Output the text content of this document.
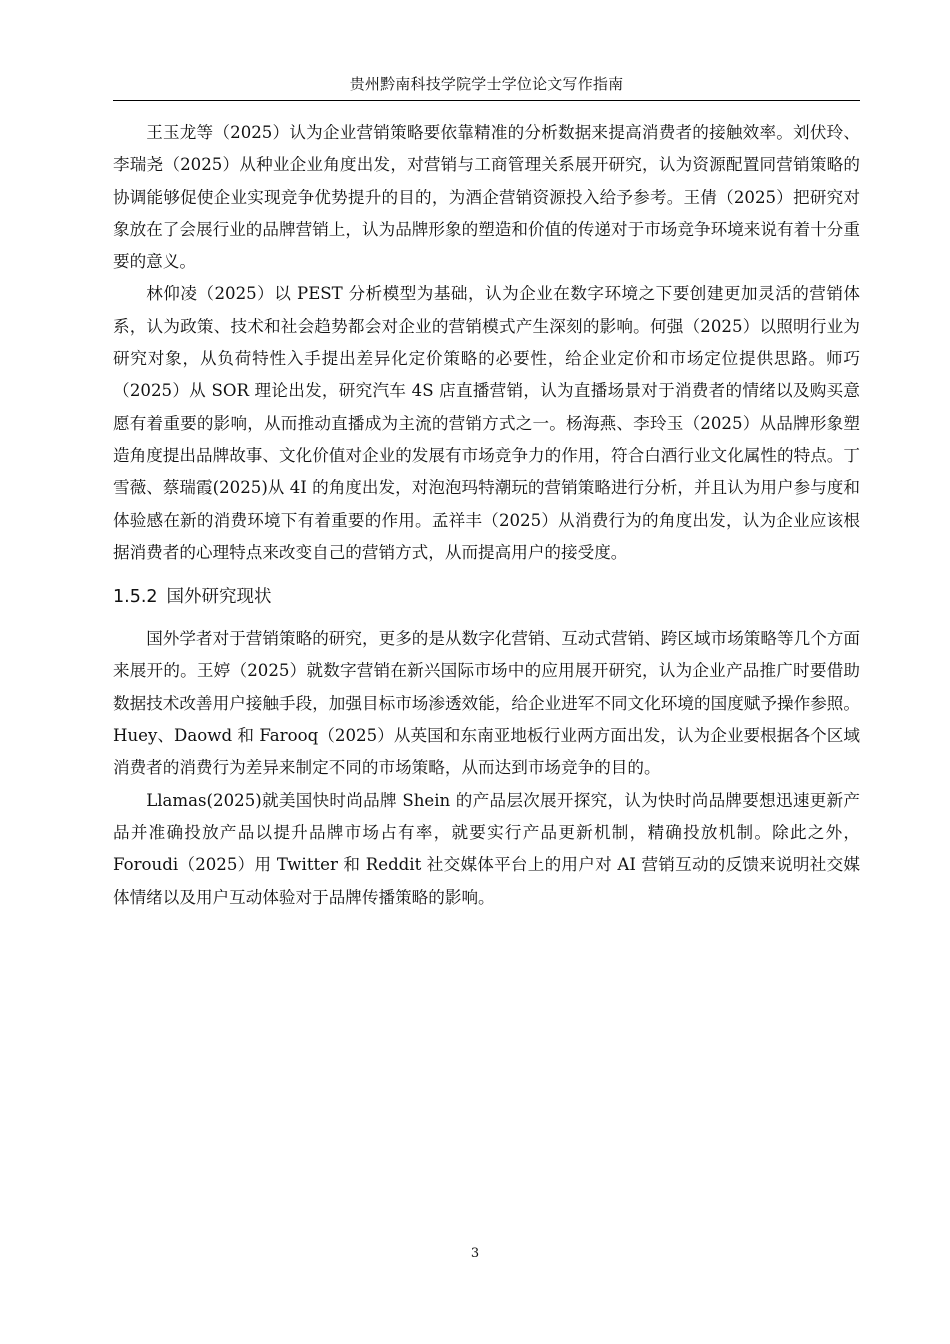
贵州黔南科技学院学士学位论文写作指南

王玉龙等（2025）认为企业营销策略要依靠精准的分析数据来提高消费者的接触效率。刘伏玲、李瑞尧（2025）从种业企业角度出发，对营销与工商管理关系展开研究，认为资源配置同营销策略的协调能够促使企业实现竞争优势提升的目的，为酒企营销资源投入给予参考。王倩（2025）把研究对象放在了会展行业的品牌营销上，认为品牌形象的塑造和价值的传递对于市场竞争环境来说有着十分重要的意义。

林仰凌（2025）以 PEST 分析模型为基础，认为企业在数字环境之下要创建更加灵活的营销体系，认为政策、技术和社会趋势都会对企业的营销模式产生深刻的影响。何强（2025）以照明行业为研究对象，从负荷特性入手提出差异化定价策略的必要性，给企业定价和市场定位提供思路。师巧（2025）从 SOR 理论出发，研究汽车 4S 店直播营销，认为直播场景对于消费者的情绪以及购买意愿有着重要的影响，从而推动直播成为主流的营销方式之一。杨海燕、李玲玉（2025）从品牌形象塑造角度提出品牌故事、文化价值对企业的发展有市场竞争力的作用，符合白酒行业文化属性的特点。丁雪薇、蔡瑞霞(2025)从 4I 的角度出发，对泡泡玛特潮玩的营销策略进行分析，并且认为用户参与度和体验感在新的消费环境下有着重要的作用。孟祥丰（2025）从消费行为的角度出发，认为企业应该根据消费者的心理特点来改变自己的营销方式，从而提高用户的接受度。

1.5.2 国外研究现状

国外学者对于营销策略的研究，更多的是从数字化营销、互动式营销、跨区域市场策略等几个方面来展开的。王婷（2025）就数字营销在新兴国际市场中的应用展开研究，认为企业产品推广时要借助数据技术改善用户接触手段，加强目标市场渗透效能，给企业进军不同文化环境的国度赋予操作参照。Huey、Daowd 和 Farooq（2025）从英国和东南亚地板行业两方面出发，认为企业要根据各个区域消费者的消费行为差异来制定不同的市场策略，从而达到市场竞争的目的。

Llamas(2025)就美国快时尚品牌 Shein 的产品层次展开探究，认为快时尚品牌要想迅速更新产品并准确投放产品以提升品牌市场占有率，就要实行产品更新机制，精确投放机制。除此之外，Foroudi（2025）用 Twitter 和 Reddit 社交媒体平台上的用户对 AI 营销互动的反馈来说明社交媒体情绪以及用户互动体验对于品牌传播策略的影响。

3
